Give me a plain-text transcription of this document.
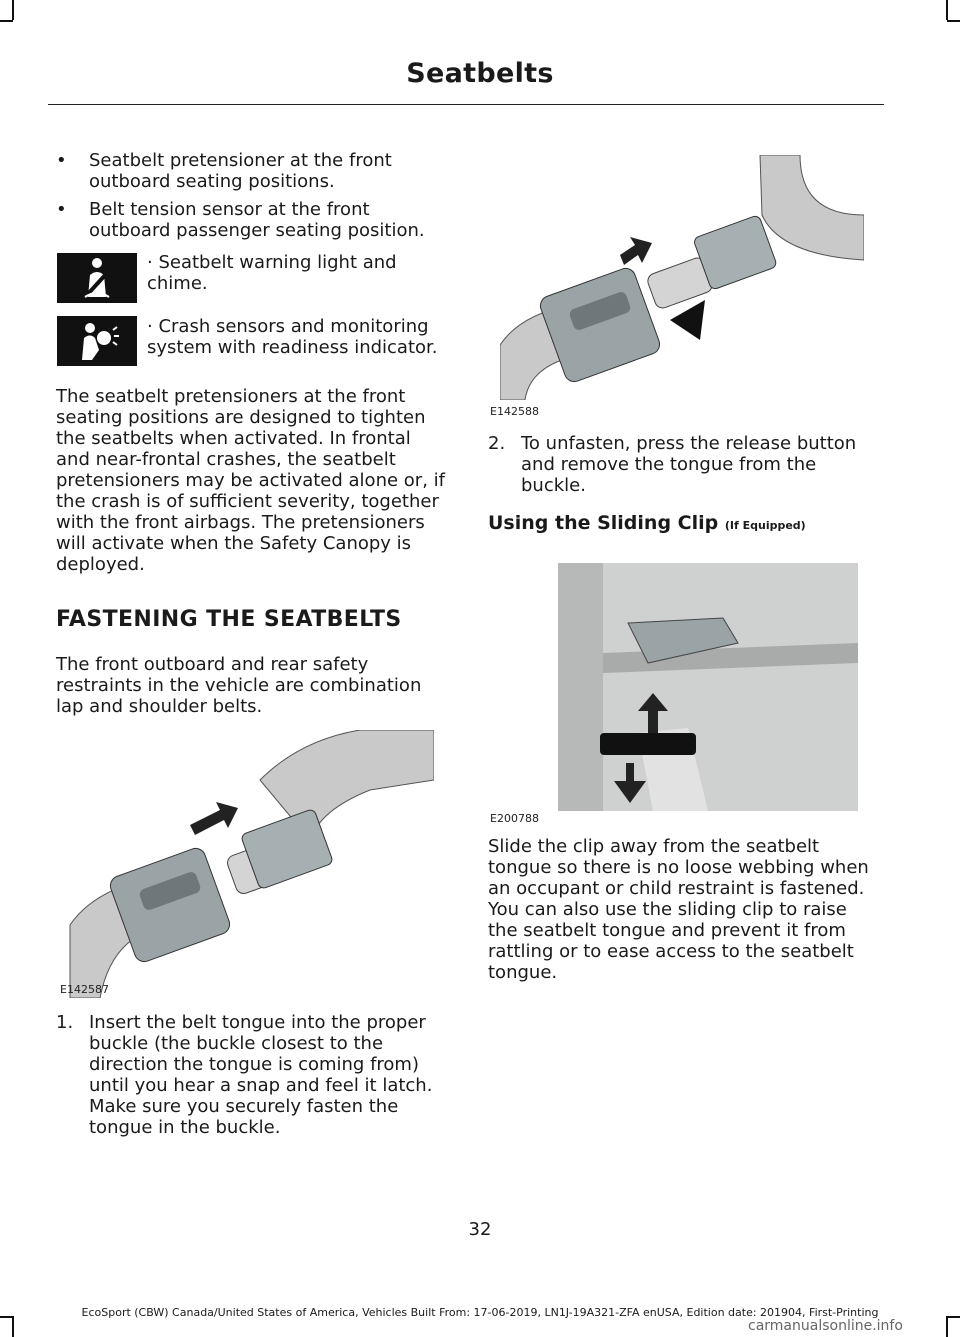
Seatbelts
• Seatbelt pretensioner at the front outboard seating positions.

• Belt tension sensor at the front outboard passenger seating position.

· Seatbelt warning light and chime.

· Crash sensors and monitoring system with readiness indicator.

The seatbelt pretensioners at the front seating positions are designed to tighten the seatbelts when activated. In frontal and near-frontal crashes, the seatbelt pretensioners may be activated alone or, if the crash is of sufficient severity, together with the front airbags. The pretensioners will activate when the Safety Canopy is deployed.

FASTENING THE SEATBELTS

The front outboard and rear safety restraints in the vehicle are combination lap and shoulder belts.

E142587
1. Insert the belt tongue into the proper buckle (the buckle closest to the direction the tongue is coming from) until you hear a snap and feel it latch. Make sure you securely fasten the tongue in the buckle.

E142588
2. To unfasten, press the release button and remove the tongue from the buckle.

Using the Sliding Clip (If Equipped)
E200788

Slide the clip away from the seatbelt tongue so there is no loose webbing when an occupant or child restraint is fastened. You can also use the sliding clip to raise the seatbelt tongue and prevent it from rattling or to ease access to the seatbelt tongue.

32
EcoSport (CBW) Canada/United States of America, Vehicles Built From: 17-06-2019, LN1J-19A321-ZFA enUSA, Edition date: 201904, First-Printing
carmanualsonline.info
